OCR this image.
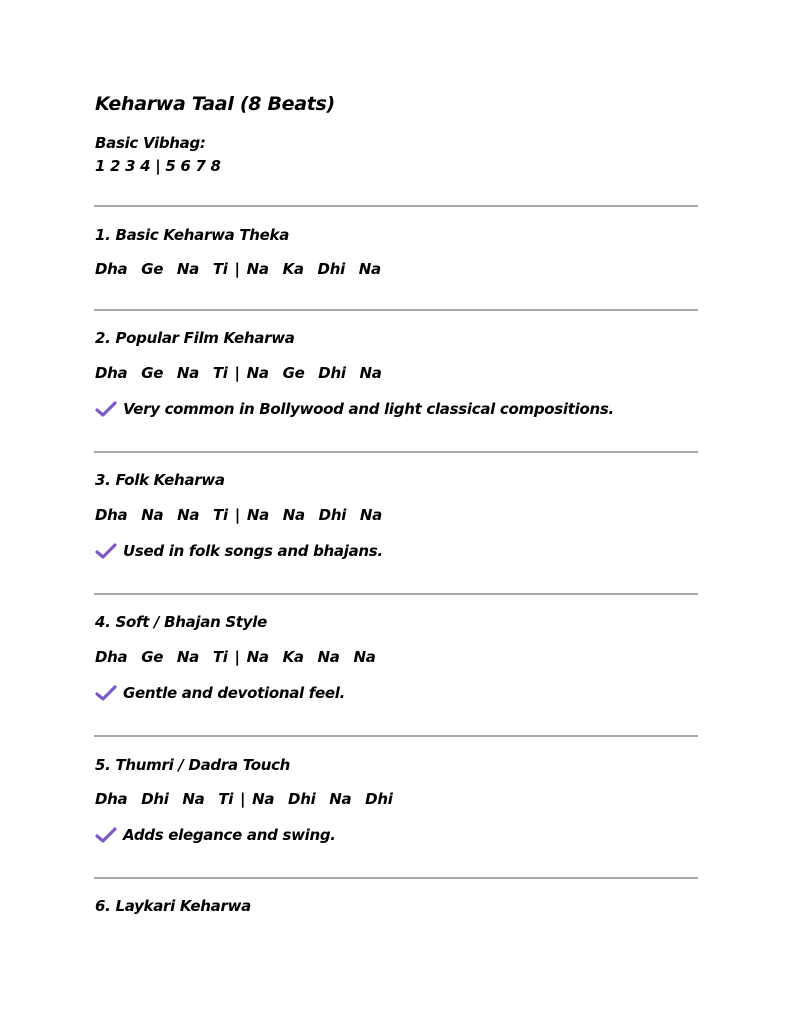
Keharwa Taal (8 Beats)
Basic Vibhag:
1 2 3 4 | 5 6 7 8
1. Basic Keharwa Theka
Dha  Ge  Na  Ti | Na  Ka  Dhi  Na
2. Popular Film Keharwa
Dha  Ge  Na  Ti | Na  Ge  Dhi  Na
Very common in Bollywood and light classical compositions.
3. Folk Keharwa
Dha  Na  Na  Ti | Na  Na  Dhi  Na
Used in folk songs and bhajans.
4. Soft / Bhajan Style
Dha  Ge  Na  Ti | Na  Ka  Na  Na
Gentle and devotional feel.
5. Thumri / Dadra Touch
Dha  Dhi  Na  Ti | Na  Dhi  Na  Dhi
Adds elegance and swing.
6. Laykari Keharwa
